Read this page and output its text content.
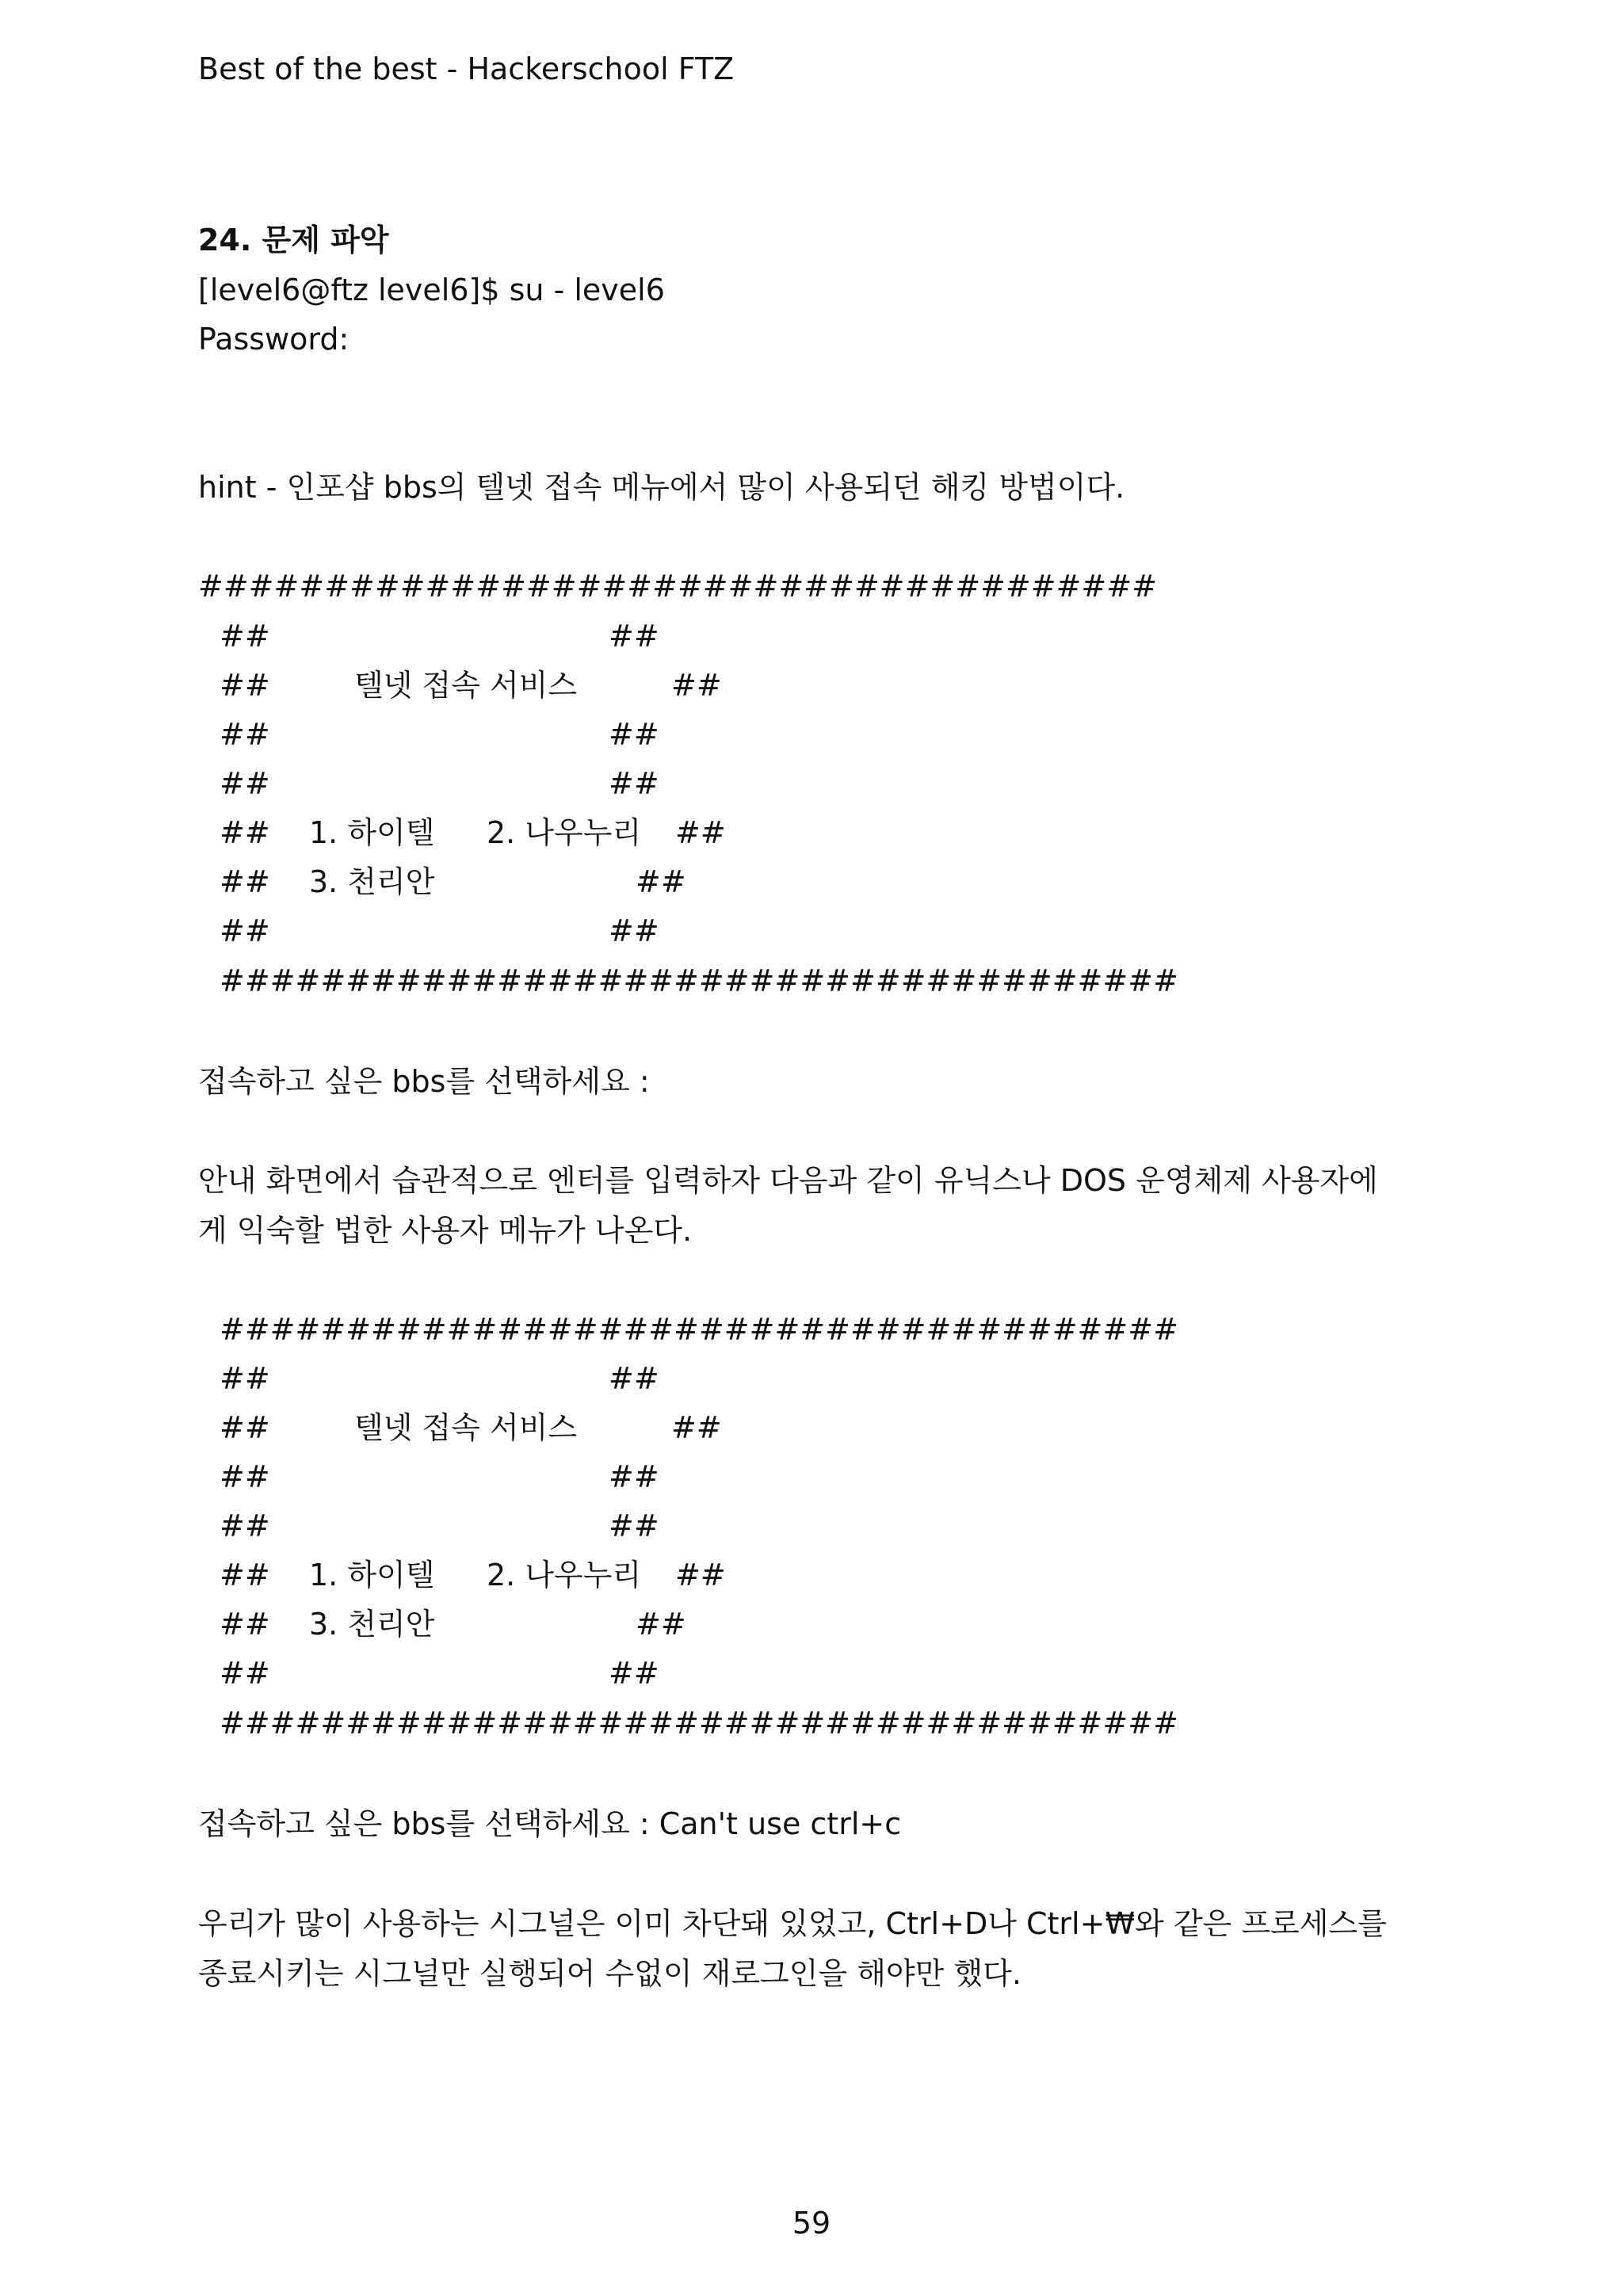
Best of the best - Hackerschool FTZ
24. 문제 파악
[level6@ftz level6]$ su - level6
Password:
hint - 인포샵 bbs의 텔넷 접속 메뉴에서 많이 사용되던 해킹 방법이다.
######################################
##	##
##	텔넷 접속 서비스	##
##	##
##	##
## 1. 하이텔 2. 나우누리 ##
## 3. 천리안	##
##	##
######################################
접속하고 싶은 bbs를 선택하세요 :
안내 화면에서 습관적으로 엔터를 입력하자 다음과 같이 유닉스나 DOS 운영체제 사용자에
게 익숙할 법한 사용자 메뉴가 나온다.
######################################
##	##
##	텔넷 접속 서비스	##
##	##
##	##
## 1. 하이텔 2. 나우누리 ##
## 3. 천리안	##
##	##
######################################
접속하고 싶은 bbs를 선택하세요 : Can't use ctrl+c
우리가 많이 사용하는 시그널은 이미 차단돼 있었고, Ctrl+D나 Ctrl+₩와 같은 프로세스를
종료시키는 시그널만 실행되어 수없이 재로그인을 해야만 했다.
59
